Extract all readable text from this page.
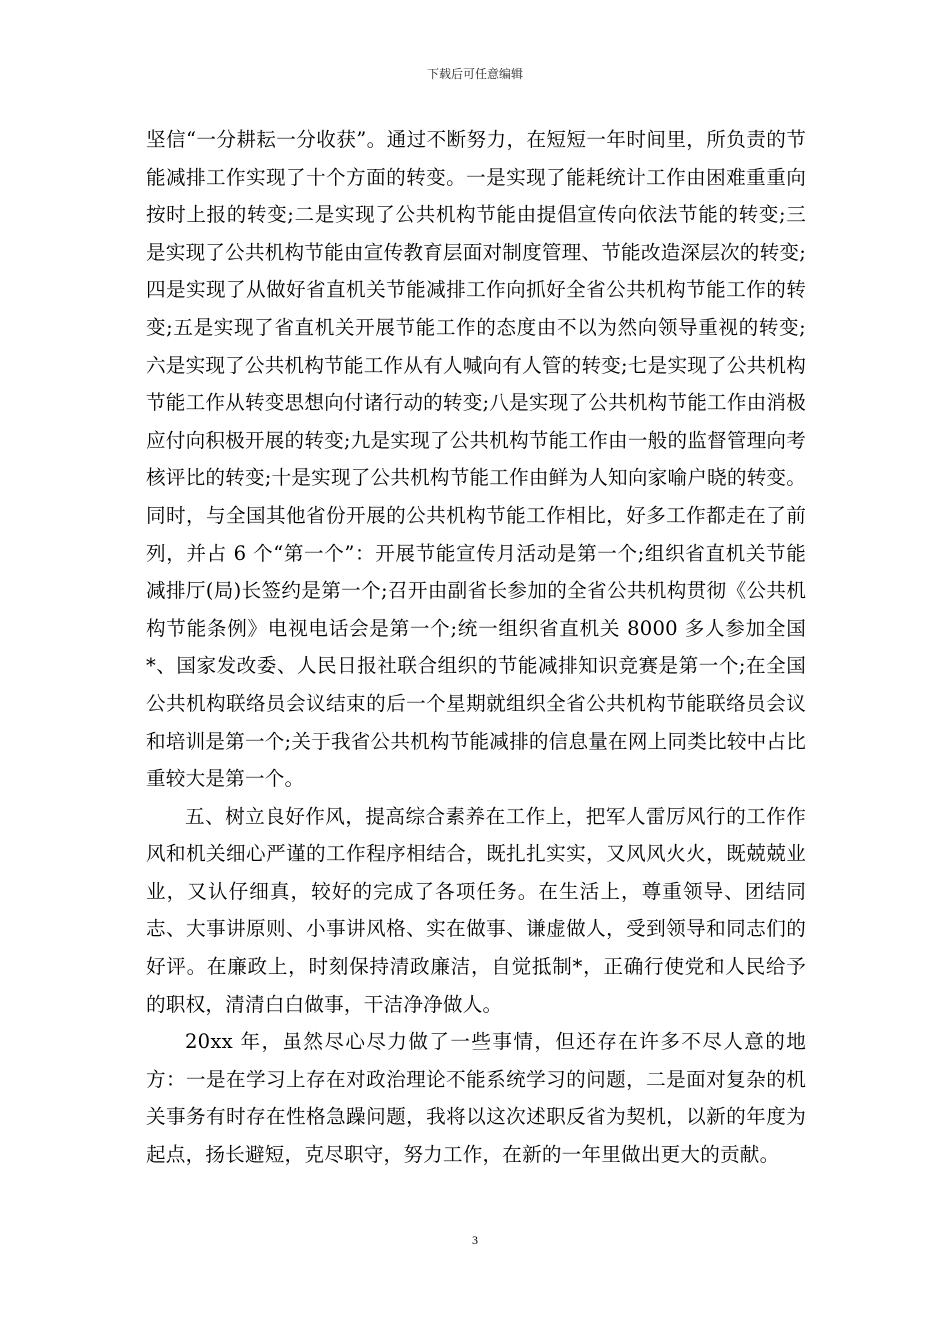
下载后可任意编辑

坚信“一分耕耘一分收获”。通过不断努力，在短短一年时间里，所负责的节能减排工作实现了十个方面的转变。一是实现了能耗统计工作由困难重重向按时上报的转变;二是实现了公共机构节能由提倡宣传向依法节能的转变;三是实现了公共机构节能由宣传教育层面对制度管理、节能改造深层次的转变;四是实现了从做好省直机关节能减排工作向抓好全省公共机构节能工作的转变;五是实现了省直机关开展节能工作的态度由不以为然向领导重视的转变;六是实现了公共机构节能工作从有人喊向有人管的转变;七是实现了公共机构节能工作从转变思想向付诸行动的转变;八是实现了公共机构节能工作由消极应付向积极开展的转变;九是实现了公共机构节能工作由一般的监督管理向考核评比的转变;十是实现了公共机构节能工作由鲜为人知向家喻户晓的转变。同时，与全国其他省份开展的公共机构节能工作相比，好多工作都走在了前列，并占 6 个“第一个”：开展节能宣传月活动是第一个;组织省直机关节能减排厅(局)长签约是第一个;召开由副省长参加的全省公共机构贯彻《公共机构节能条例》电视电话会是第一个;统一组织省直机关 8000 多人参加全国*、国家发改委、人民日报社联合组织的节能减排知识竞赛是第一个;在全国公共机构联络员会议结束的后一个星期就组织全省公共机构节能联络员会议和培训是第一个;关于我省公共机构节能减排的信息量在网上同类比较中占比重较大是第一个。

五、树立良好作风，提高综合素养在工作上，把军人雷厉风行的工作作风和机关细心严谨的工作程序相结合，既扎扎实实，又风风火火，既兢兢业业，又认仔细真，较好的完成了各项任务。在生活上，尊重领导、团结同志、大事讲原则、小事讲风格、实在做事、谦虚做人，受到领导和同志们的好评。在廉政上，时刻保持清政廉洁，自觉抵制*，正确行使党和人民给予的职权，清清白白做事，干洁净净做人。

20xx 年，虽然尽心尽力做了一些事情，但还存在许多不尽人意的地方：一是在学习上存在对政治理论不能系统学习的问题，二是面对复杂的机关事务有时存在性格急躁问题，我将以这次述职反省为契机，以新的年度为起点，扬长避短，克尽职守，努力工作，在新的一年里做出更大的贡献。

3
